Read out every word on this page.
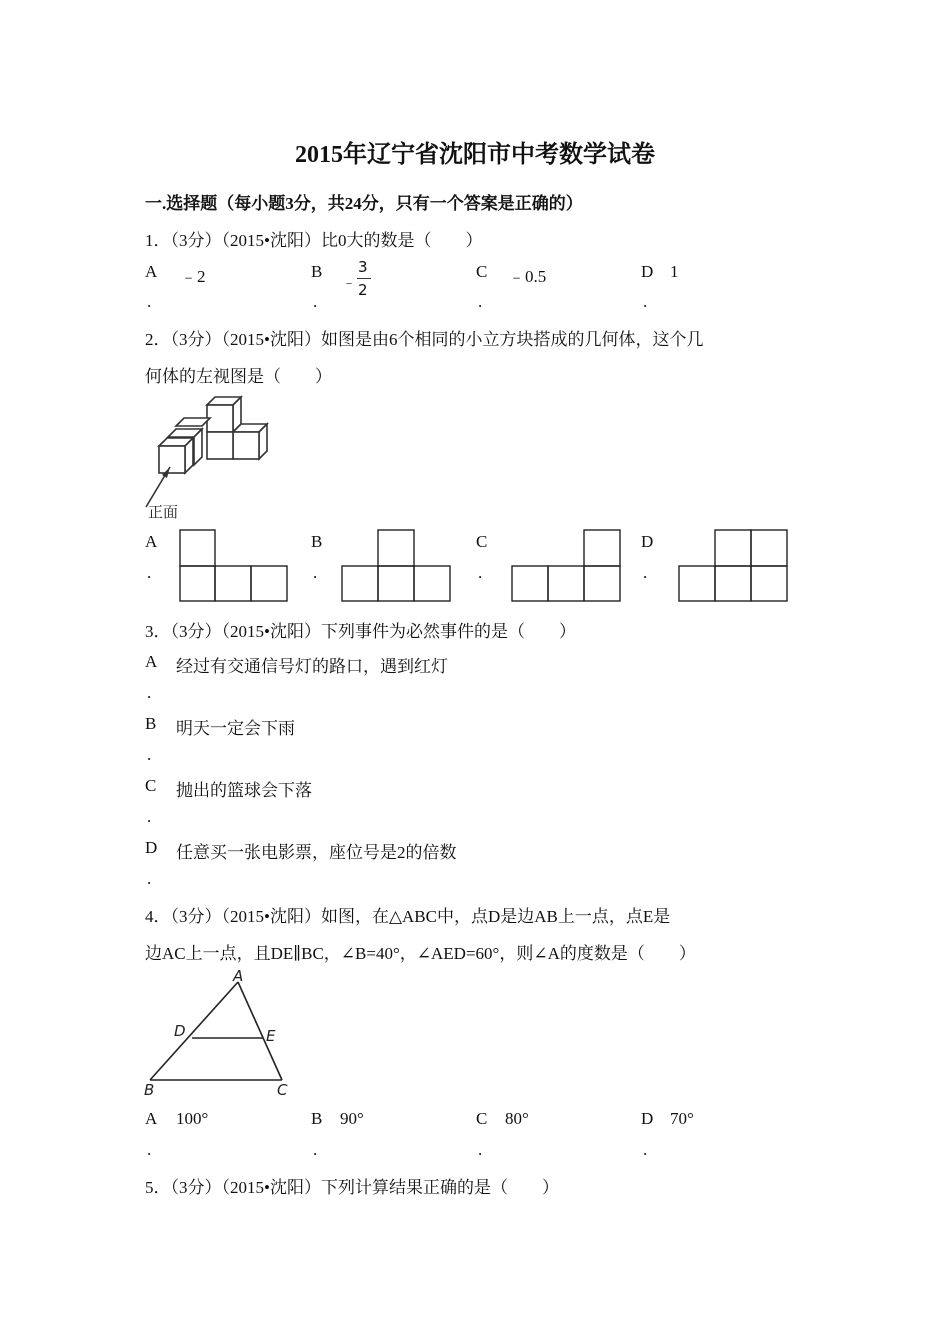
2015年辽宁省沈阳市中考数学试卷
一.选择题（每小题3分，共24分，只有一个答案是正确的）
1．（3分）（2015•沈阳）比0大的数是（　　）
A ﹣2
.
B
﹣
3
2
.
C ﹣0.5
.
D 1
.
2．（3分）（2015•沈阳）如图是由6个相同的小立方块搭成的几何体，这个几
何体的左视图是（　　）
正面
A
.
B
.
C
.
D
.
3．（3分）（2015•沈阳）下列事件为必然事件的是（　　）
A 经过有交通信号灯的路口，遇到红灯
.
B 明天一定会下雨
.
C 抛出的篮球会下落
.
D 任意买一张电影票，座位号是2的倍数
.
4．（3分）（2015•沈阳）如图，在△ABC中，点D是边AB上一点，点E是
边AC上一点，且DE∥BC，∠B=40°，∠AED=60°，则∠A的度数是（　　）
A
D	E
B	C
A 100°
.
B 90°
.
C 80°
.
D 70°
.
5．（3分）（2015•沈阳）下列计算结果正确的是（　　）
